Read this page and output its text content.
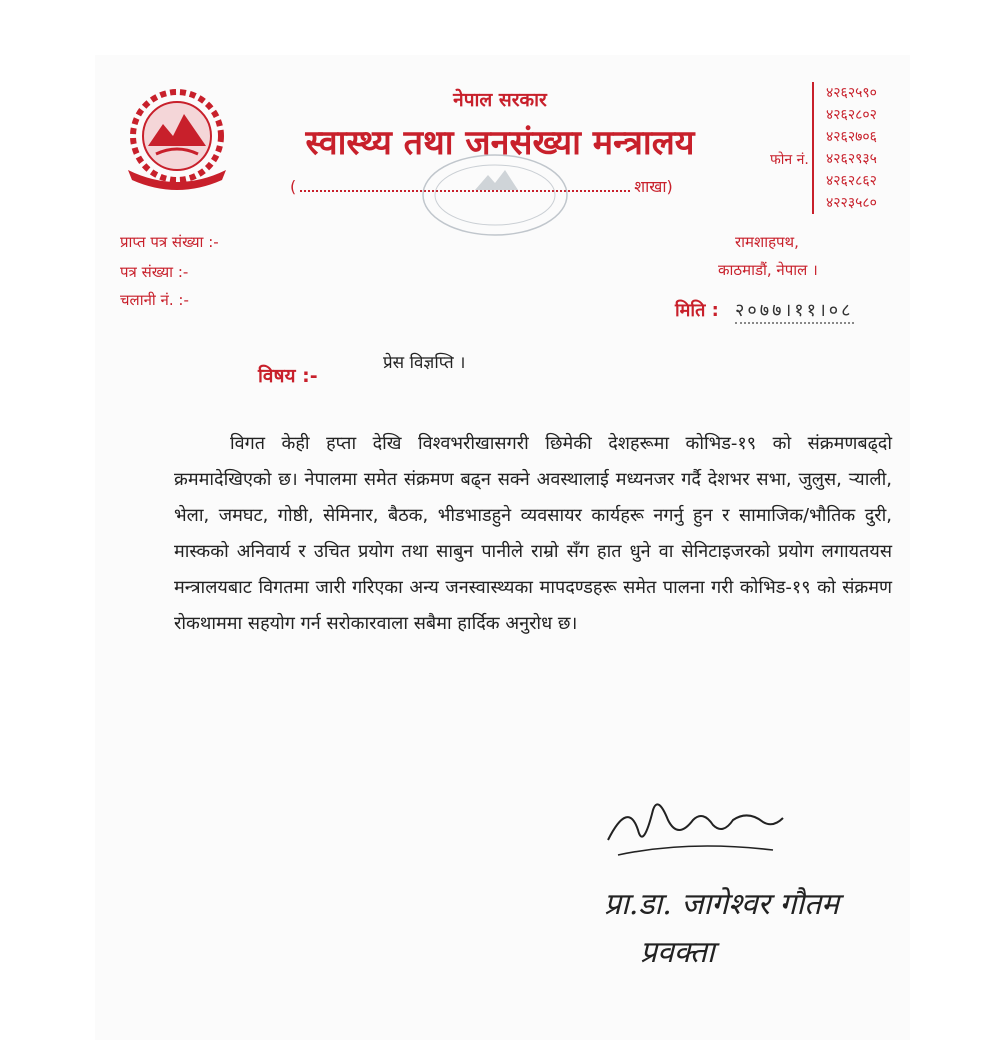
नेपाल सरकार
स्वास्थ्य तथा जनसंख्या मन्त्रालय
(	शाखा)
फोन नं.
४२६२५९०
४२६२८०२
४२६२७०६
४२६२९३५
४२६२८६२
४२२३५८०
प्राप्त पत्र संख्या :-
पत्र संख्या :-
चलानी नं. :-
रामशाहपथ,
काठमाडौं, नेपाल ।
मिति : २०७७।११।०८
विषय :-
प्रेस विज्ञप्ति ।
विगत केही हप्ता देखि विश्वभरीखासगरी छिमेकी देशहरूमा कोभिड-१९ को संक्रमणबढ्दो क्रममादेखिएको छ। नेपालमा समेत संक्रमण बढ्न सक्ने अवस्थालाई मध्यनजर गर्दै देशभर सभा, जुलुस, र्‍याली, भेला, जमघट, गोष्ठी, सेमिनार, बैठक, भीडभाडहुने व्यवसायर कार्यहरू नगर्नु हुन र सामाजिक/भौतिक दुरी, मास्कको अनिवार्य र उचित प्रयोग तथा साबुन पानीले राम्रो सँग हात धुने वा सेनिटाइजरको प्रयोग लगायतयस मन्त्रालयबाट विगतमा जारी गरिएका अन्य जनस्वास्थ्यका मापदण्डहरू समेत पालना गरी कोभिड-१९ को संक्रमण रोकथाममा सहयोग गर्न सरोकारवाला सबैमा हार्दिक अनुरोध छ।
प्रा.डा. जागेश्वर गौतम
प्रवक्ता
